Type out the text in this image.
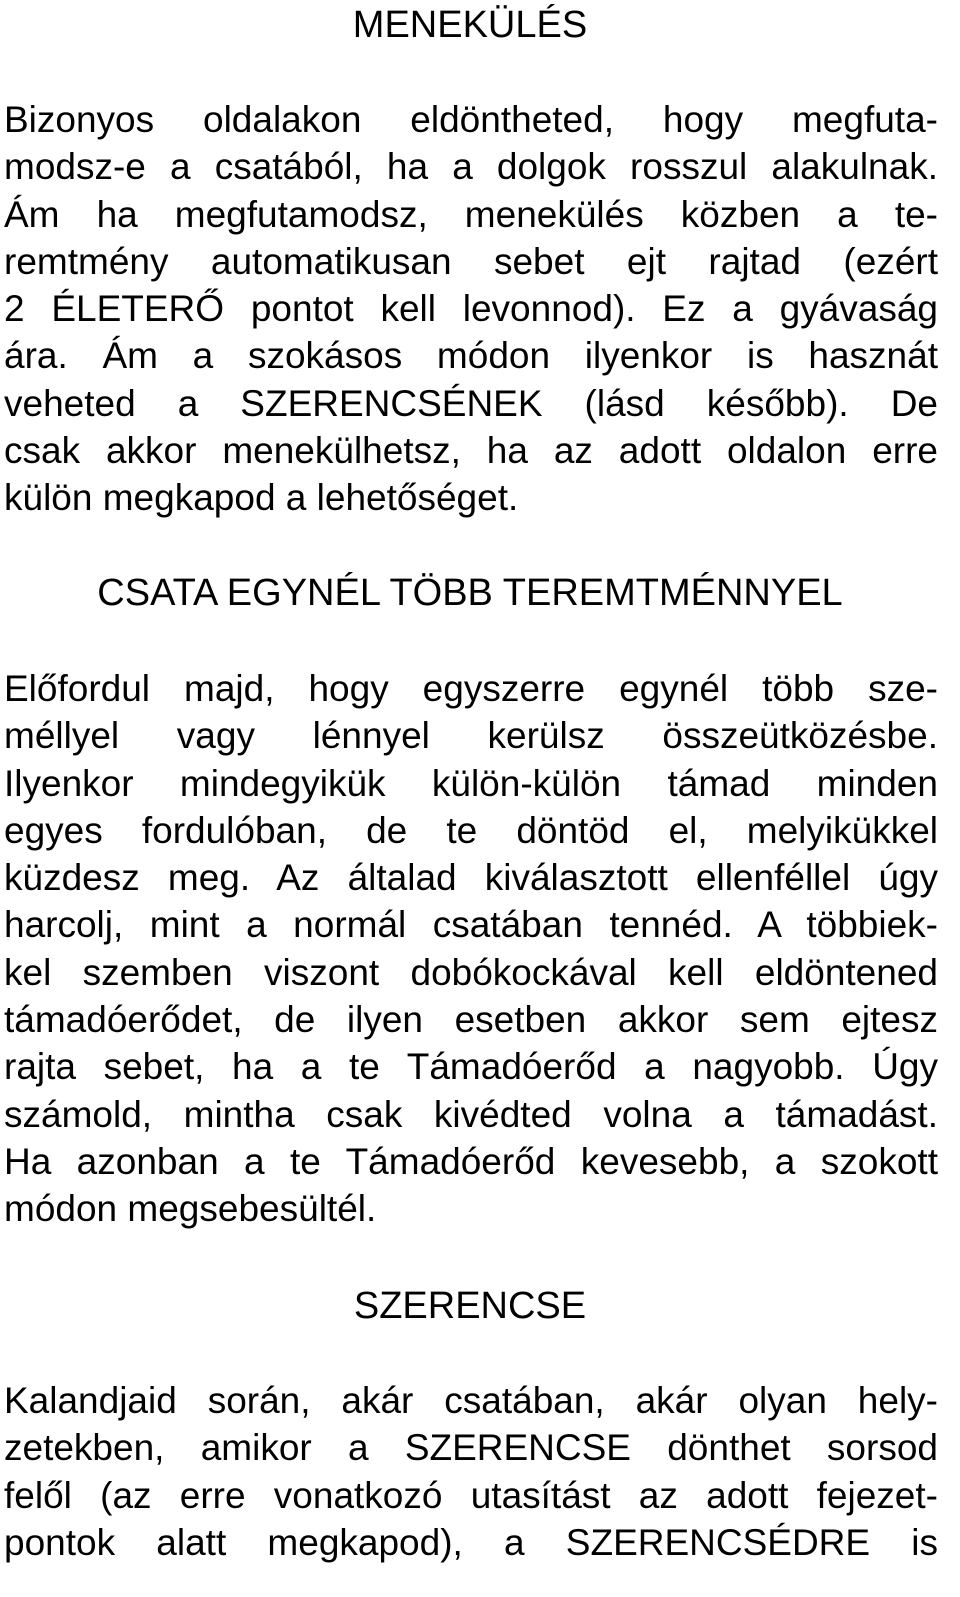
MENEKÜLÉS
Bizonyos oldalakon eldöntheted, hogy megfuta-
modsz-e a csatából, ha a dolgok rosszul alakulnak.
Ám ha megfutamodsz, menekülés közben a te-
remtmény automatikusan sebet ejt rajtad (ezért
2 ÉLETERŐ pontot kell levonnod). Ez a gyávaság
ára. Ám a szokásos módon ilyenkor is hasznát
veheted a SZERENCSÉNEK (lásd később). De
csak akkor menekülhetsz, ha az adott oldalon erre
külön megkapod a lehetőséget.
CSATA EGYNÉL TÖBB TEREMTMÉNNYEL
Előfordul majd, hogy egyszerre egynél több sze-
méllyel vagy lénnyel kerülsz összeütközésbe.
Ilyenkor mindegyikük külön-külön támad minden
egyes fordulóban, de te döntöd el, melyikükkel
küzdesz meg. Az általad kiválasztott ellenféllel úgy
harcolj, mint a normál csatában tennéd. A többiek-
kel szemben viszont dobókockával kell eldöntened
támadóerődet, de ilyen esetben akkor sem ejtesz
rajta sebet, ha a te Támadóerőd a nagyobb. Úgy
számold, mintha csak kivédted volna a támadást.
Ha azonban a te Támadóerőd kevesebb, a szokott
módon megsebesültél.
SZERENCSE
Kalandjaid során, akár csatában, akár olyan hely-
zetekben, amikor a SZERENCSE dönthet sorsod
felől (az erre vonatkozó utasítást az adott fejezet-
pontok alatt megkapod), a SZERENCSÉDRE is
